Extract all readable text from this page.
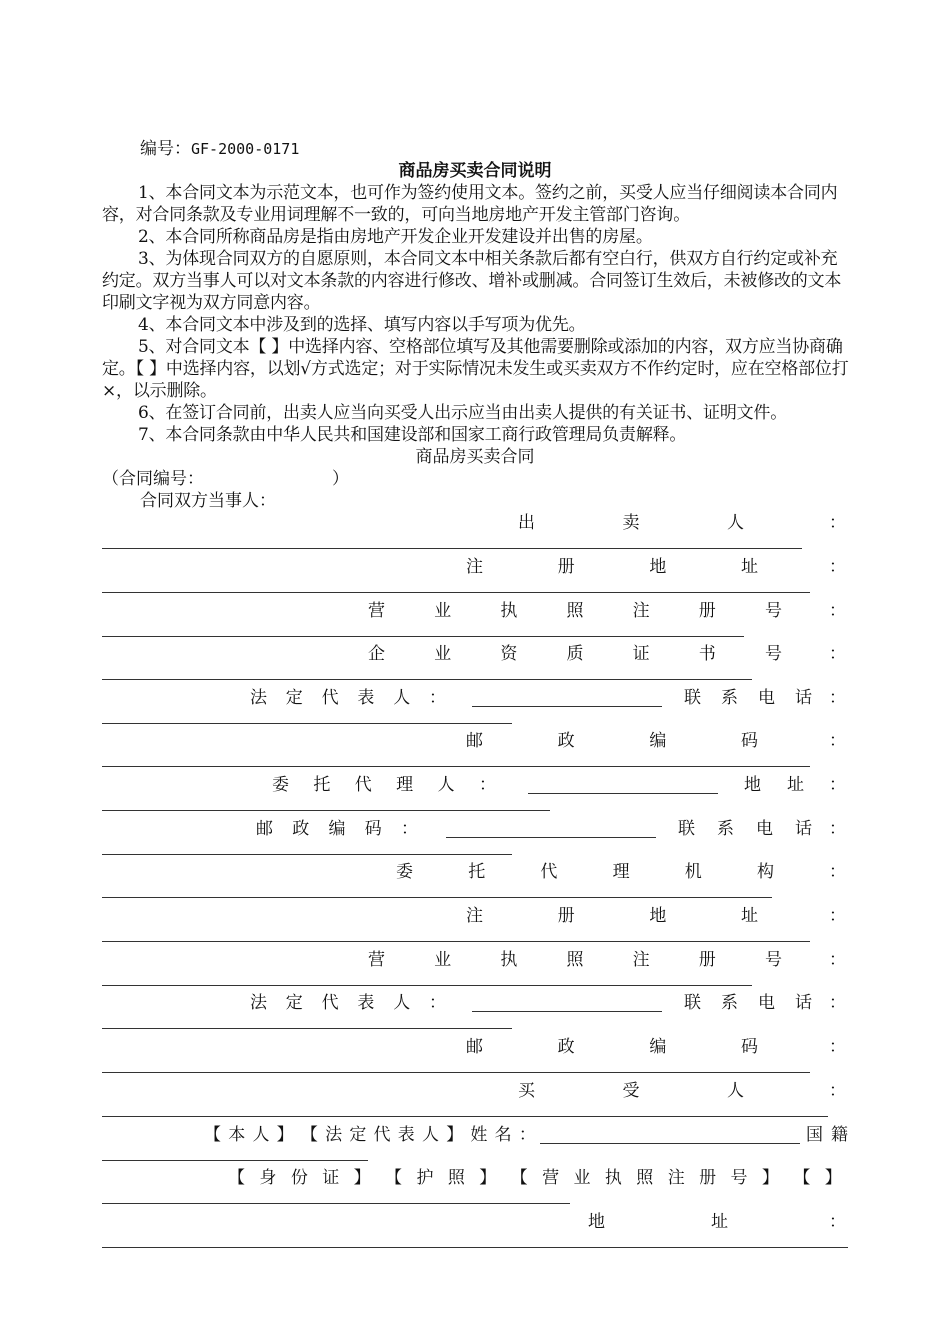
编号：GF-2000-0171
商品房买卖合同说明
1、本合同文本为示范文本，也可作为签约使用文本。签约之前，买受人应当仔细阅读本合同内容，对合同条款及专业用词理解不一致的，可向当地房地产开发主管部门咨询。
2、本合同所称商品房是指由房地产开发企业开发建设并出售的房屋。
3、为体现合同双方的自愿原则，本合同文本中相关条款后都有空白行，供双方自行约定或补充约定。双方当事人可以对文本条款的内容进行修改、增补或删减。合同签订生效后，未被修改的文本印刷文字视为双方同意内容。
4、本合同文本中涉及到的选择、填写内容以手写项为优先。
5、对合同文本【 】中选择内容、空格部位填写及其他需要删除或添加的内容，双方应当协商确定。【 】中选择内容，以划√方式选定；对于实际情况未发生或买卖双方不作约定时，应在空格部位打×，以示删除。
6、在签订合同前，出卖人应当向买受人出示应当由出卖人提供的有关证书、证明文件。
7、本合同条款由中华人民共和国建设部和国家工商行政管理局负责解释。
商品房买卖合同
（合同编号：	）
合同双方当事人：
出	卖	人	：
注	册	地	址	：
营	业	执	照	注	册	号	：
企	业	资	质	证	书	号	：
法 定 代 表 人 ：	联 系 电 话 ：
邮	政	编	码	：
委 托 代 理 人 ：	地 址 ：
邮 政 编 码 ：	联 系 电 话 ：
委	托	代	理	机	构	：
注	册	地	址	：
营	业	执	照	注	册	号	：
法 定 代 表 人 ：	联 系 电 话 ：
邮	政	编	码	：
买	受	人	：
【 本 人 】 【 法 定 代 表 人 】 姓 名 ：	国 籍
【 身 份 证 】 【 护 照 】 【 营 业 执 照 注 册 号 】 【 】
地	址	：
